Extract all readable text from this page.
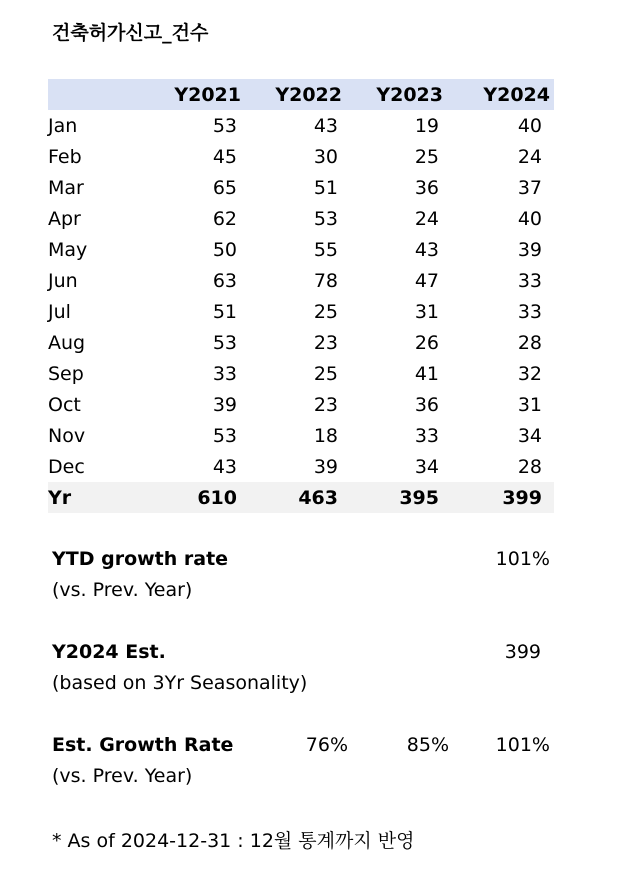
건축허가신고_건수
	Y2021	Y2022	Y2023	Y2024
Jan	53	43	19	40
Feb	45	30	25	24
Mar	65	51	36	37
Apr	62	53	24	40
May	50	55	43	39
Jun	63	78	47	33
Jul	51	25	31	33
Aug	53	23	26	28
Sep	33	25	41	32
Oct	39	23	36	31
Nov	53	18	33	34
Dec	43	39	34	28
Yr	610	463	395	399
YTD growth rate
(vs. Prev. Year)
101%
Y2024 Est.
(based on 3Yr Seasonality)
399
Est. Growth Rate
(vs. Prev. Year)
76%	85% 101%
* As of 2024-12-31 : 12월 통계까지 반영
